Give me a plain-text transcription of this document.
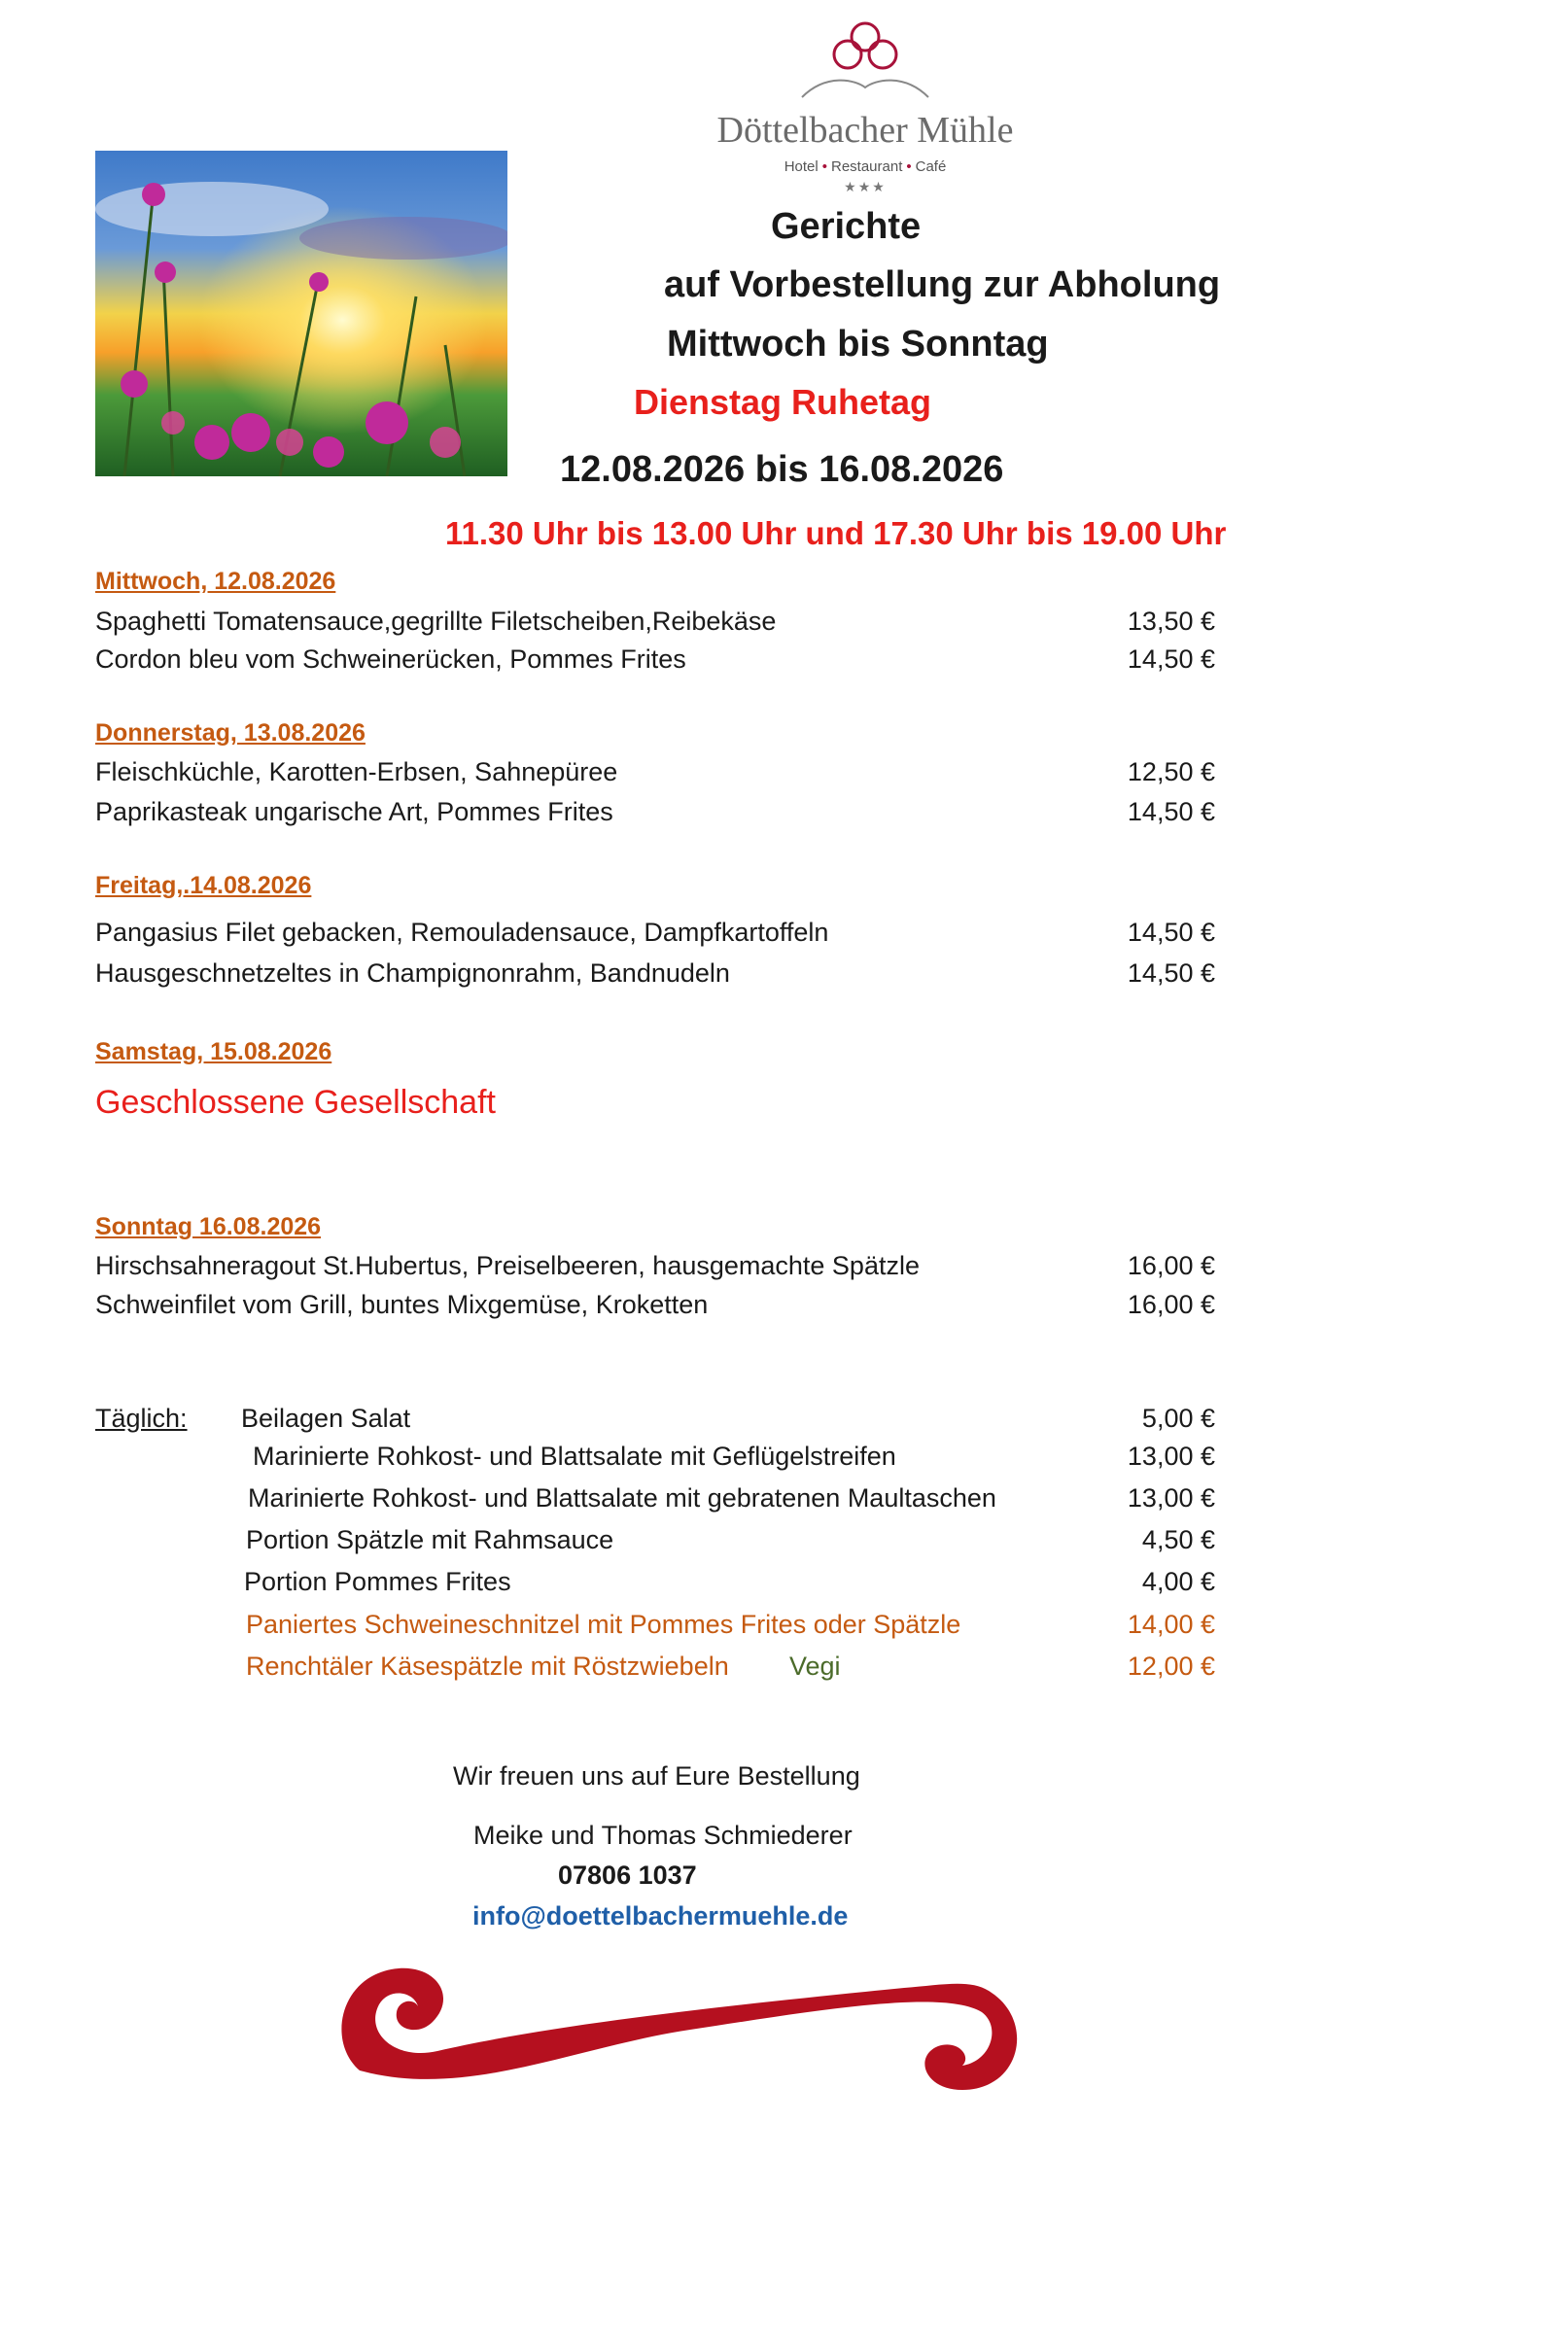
Döttelbacher Mühle
Hotel • Restaurant • Café
★★★
Gerichte
auf Vorbestellung zur Abholung
Mittwoch bis Sonntag
Dienstag Ruhetag
12.08.2026 bis 16.08.2026
11.30 Uhr bis 13.00 Uhr und 17.30 Uhr bis 19.00 Uhr
Mittwoch, 12.08.2026
Spaghetti Tomatensauce,gegrillte Filetscheiben,Reibekäse	13,50 €
Cordon bleu vom Schweinerücken, Pommes Frites	14,50 €
Donnerstag, 13.08.2026
Fleischküchle, Karotten-Erbsen, Sahnepüree	12,50 €
Paprikasteak ungarische Art, Pommes Frites	14,50 €
Freitag,.14.08.2026
Pangasius Filet gebacken, Remouladensauce, Dampfkartoffeln	14,50 €
Hausgeschnetzeltes in Champignonrahm, Bandnudeln	14,50 €
Samstag, 15.08.2026
Geschlossene Gesellschaft
Sonntag 16.08.2026
Hirschsahneragout St.Hubertus, Preiselbeeren, hausgemachte Spätzle	16,00 €
Schweinfilet vom Grill, buntes Mixgemüse, Kroketten	16,00 €
Täglich: Beilagen Salat	5,00 €
Marinierte Rohkost- und Blattsalate mit Geflügelstreifen	13,00 €
Marinierte Rohkost- und Blattsalate mit gebratenen Maultaschen	13,00 €
Portion Spätzle mit Rahmsauce	4,50 €
Portion Pommes Frites	4,00 €
Paniertes Schweineschnitzel mit Pommes Frites oder Spätzle	14,00 €
Renchtäler Käsespätzle mit Röstzwiebeln Vegi	12,00 €
Wir freuen uns auf Eure Bestellung
Meike und Thomas Schmiederer
07806 1037
info@doettelbachermuehle.de
